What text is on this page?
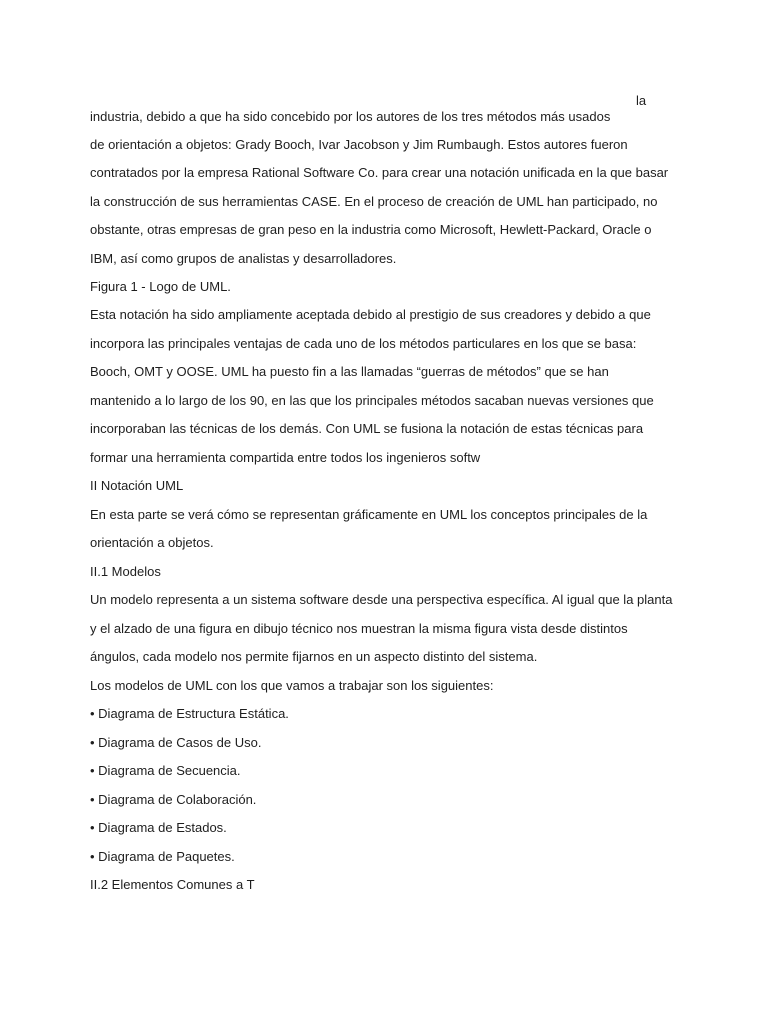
la
industria, debido a que ha sido concebido por los autores de los tres métodos más usados
de orientación a objetos: Grady Booch, Ivar Jacobson y Jim Rumbaugh. Estos autores fueron
contratados por la empresa Rational Software Co. para crear una notación unificada en la que basar
la construcción de sus herramientas CASE. En el proceso de creación de UML han participado, no
obstante, otras empresas de gran peso en la industria como Microsoft, Hewlett-Packard, Oracle o
IBM, así como grupos de analistas y desarrolladores.
Figura 1 - Logo de UML.
Esta notación ha sido ampliamente aceptada debido al prestigio de sus creadores y debido a que
incorpora las principales ventajas de cada uno de los métodos particulares en los que se basa:
Booch, OMT y OOSE. UML ha puesto fin a las llamadas “guerras de métodos” que se han
mantenido a lo largo de los 90, en las que los principales métodos sacaban nuevas versiones que
incorporaban las técnicas de los demás. Con UML se fusiona la notación de estas técnicas para
formar una herramienta compartida entre todos los ingenieros softw
II Notación UML
En esta parte se verá cómo se representan gráficamente en UML los conceptos principales de la
orientación a objetos.
II.1 Modelos
Un modelo representa a un sistema software desde una perspectiva específica. Al igual que la planta
y el alzado de una figura en dibujo técnico nos muestran la misma figura vista desde distintos
ángulos, cada modelo nos permite fijarnos en un aspecto distinto del sistema.
Los modelos de UML con los que vamos a trabajar son los siguientes:
• Diagrama de Estructura Estática.
• Diagrama de Casos de Uso.
• Diagrama de Secuencia.
• Diagrama de Colaboración.
• Diagrama de Estados.
• Diagrama de Paquetes.
II.2 Elementos Comunes a T
